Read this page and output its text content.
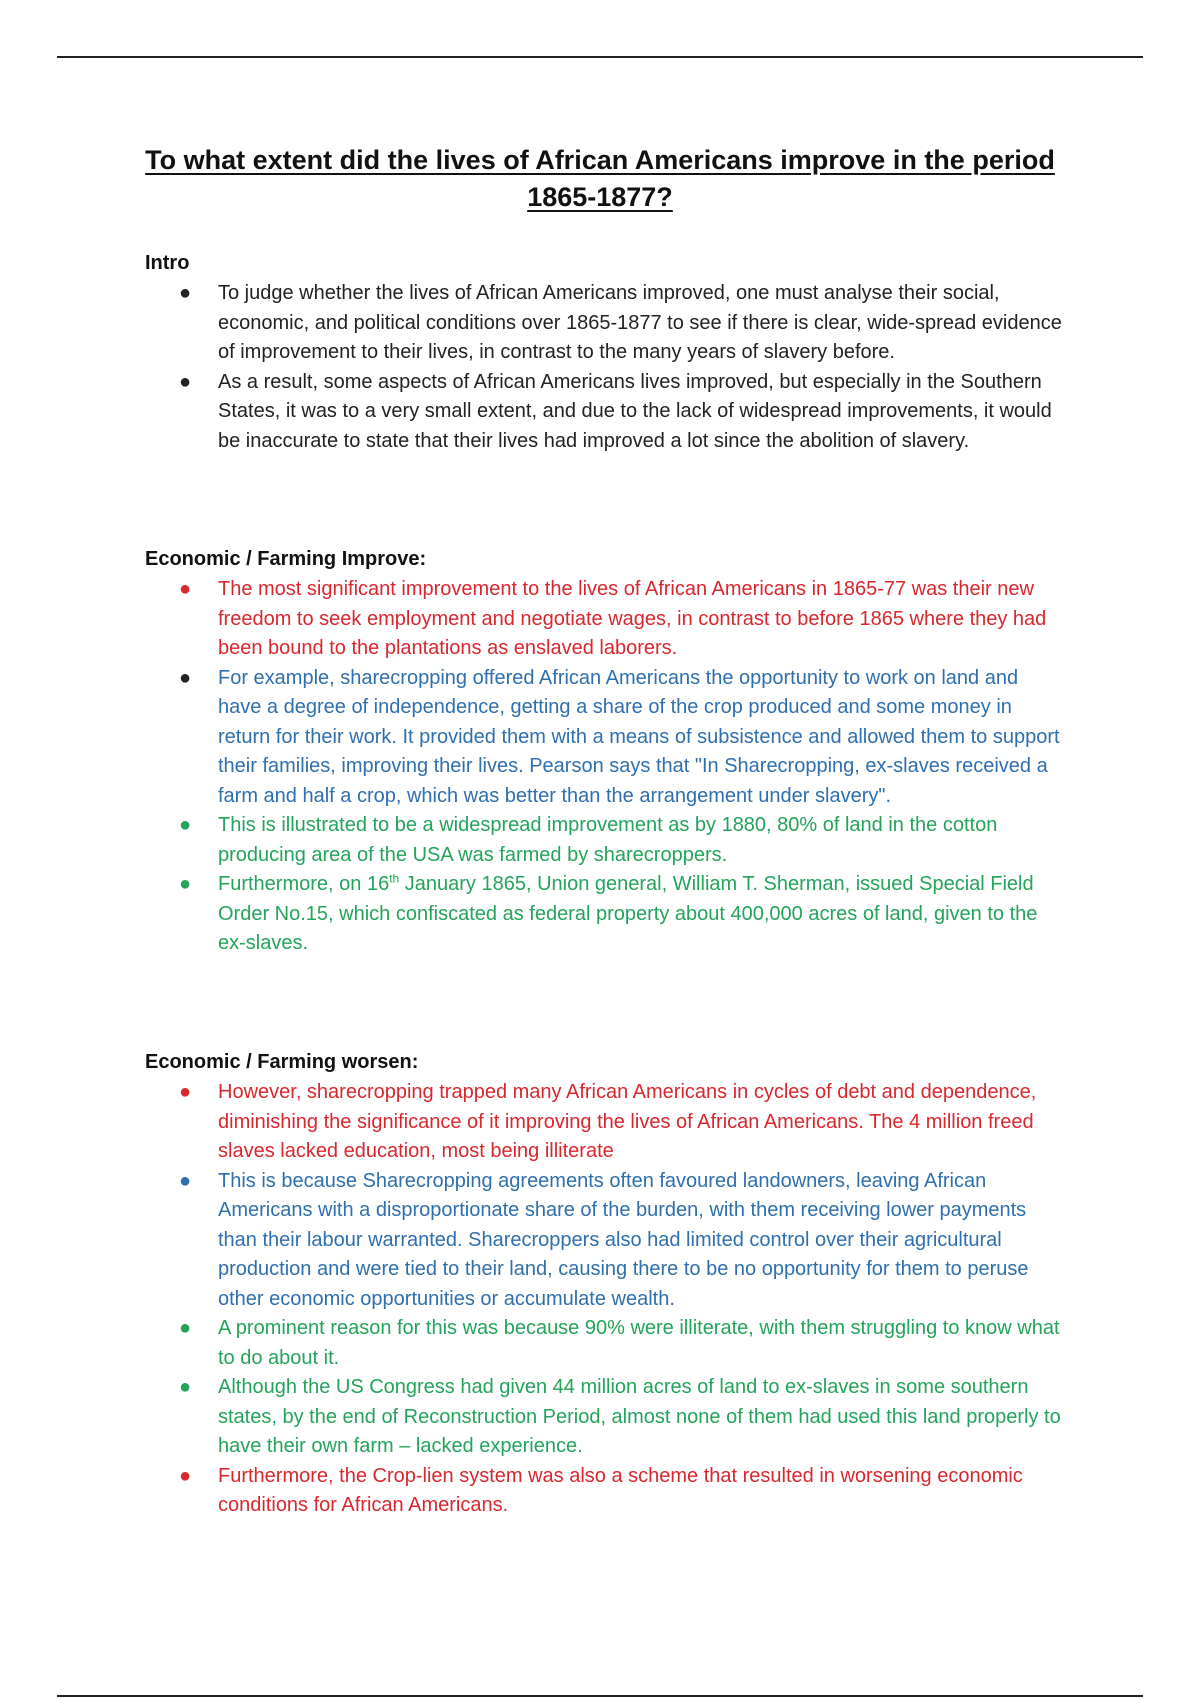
To what extent did the lives of African Americans improve in the period
1865-1877?
Intro
● To judge whether the lives of African Americans improved, one must analyse their social, economic, and political conditions over 1865-1877 to see if there is clear, wide-spread evidence of improvement to their lives, in contrast to the many years of slavery before.
● As a result, some aspects of African Americans lives improved, but especially in the Southern States, it was to a very small extent, and due to the lack of widespread improvements, it would be inaccurate to state that their lives had improved a lot since the abolition of slavery.
Economic / Farming Improve:
● The most significant improvement to the lives of African Americans in 1865-77 was their new freedom to seek employment and negotiate wages, in contrast to before 1865 where they had been bound to the plantations as enslaved laborers.
● For example, sharecropping offered African Americans the opportunity to work on land and have a degree of independence, getting a share of the crop produced and some money in return for their work. It provided them with a means of subsistence and allowed them to support their families, improving their lives. Pearson says that "In Sharecropping, ex-slaves received a farm and half a crop, which was better than the arrangement under slavery".
● This is illustrated to be a widespread improvement as by 1880, 80% of land in the cotton producing area of the USA was farmed by sharecroppers.
● Furthermore, on 16th January 1865, Union general, William T. Sherman, issued Special Field Order No.15, which confiscated as federal property about 400,000 acres of land, given to the ex-slaves.
Economic / Farming worsen:
● However, sharecropping trapped many African Americans in cycles of debt and dependence, diminishing the significance of it improving the lives of African Americans. The 4 million freed slaves lacked education, most being illiterate
● This is because Sharecropping agreements often favoured landowners, leaving African Americans with a disproportionate share of the burden, with them receiving lower payments than their labour warranted. Sharecroppers also had limited control over their agricultural production and were tied to their land, causing there to be no opportunity for them to peruse other economic opportunities or accumulate wealth.
● A prominent reason for this was because 90% were illiterate, with them struggling to know what to do about it.
● Although the US Congress had given 44 million acres of land to ex-slaves in some southern states, by the end of Reconstruction Period, almost none of them had used this land properly to have their own farm – lacked experience.
● Furthermore, the Crop-lien system was also a scheme that resulted in worsening economic conditions for African Americans.
